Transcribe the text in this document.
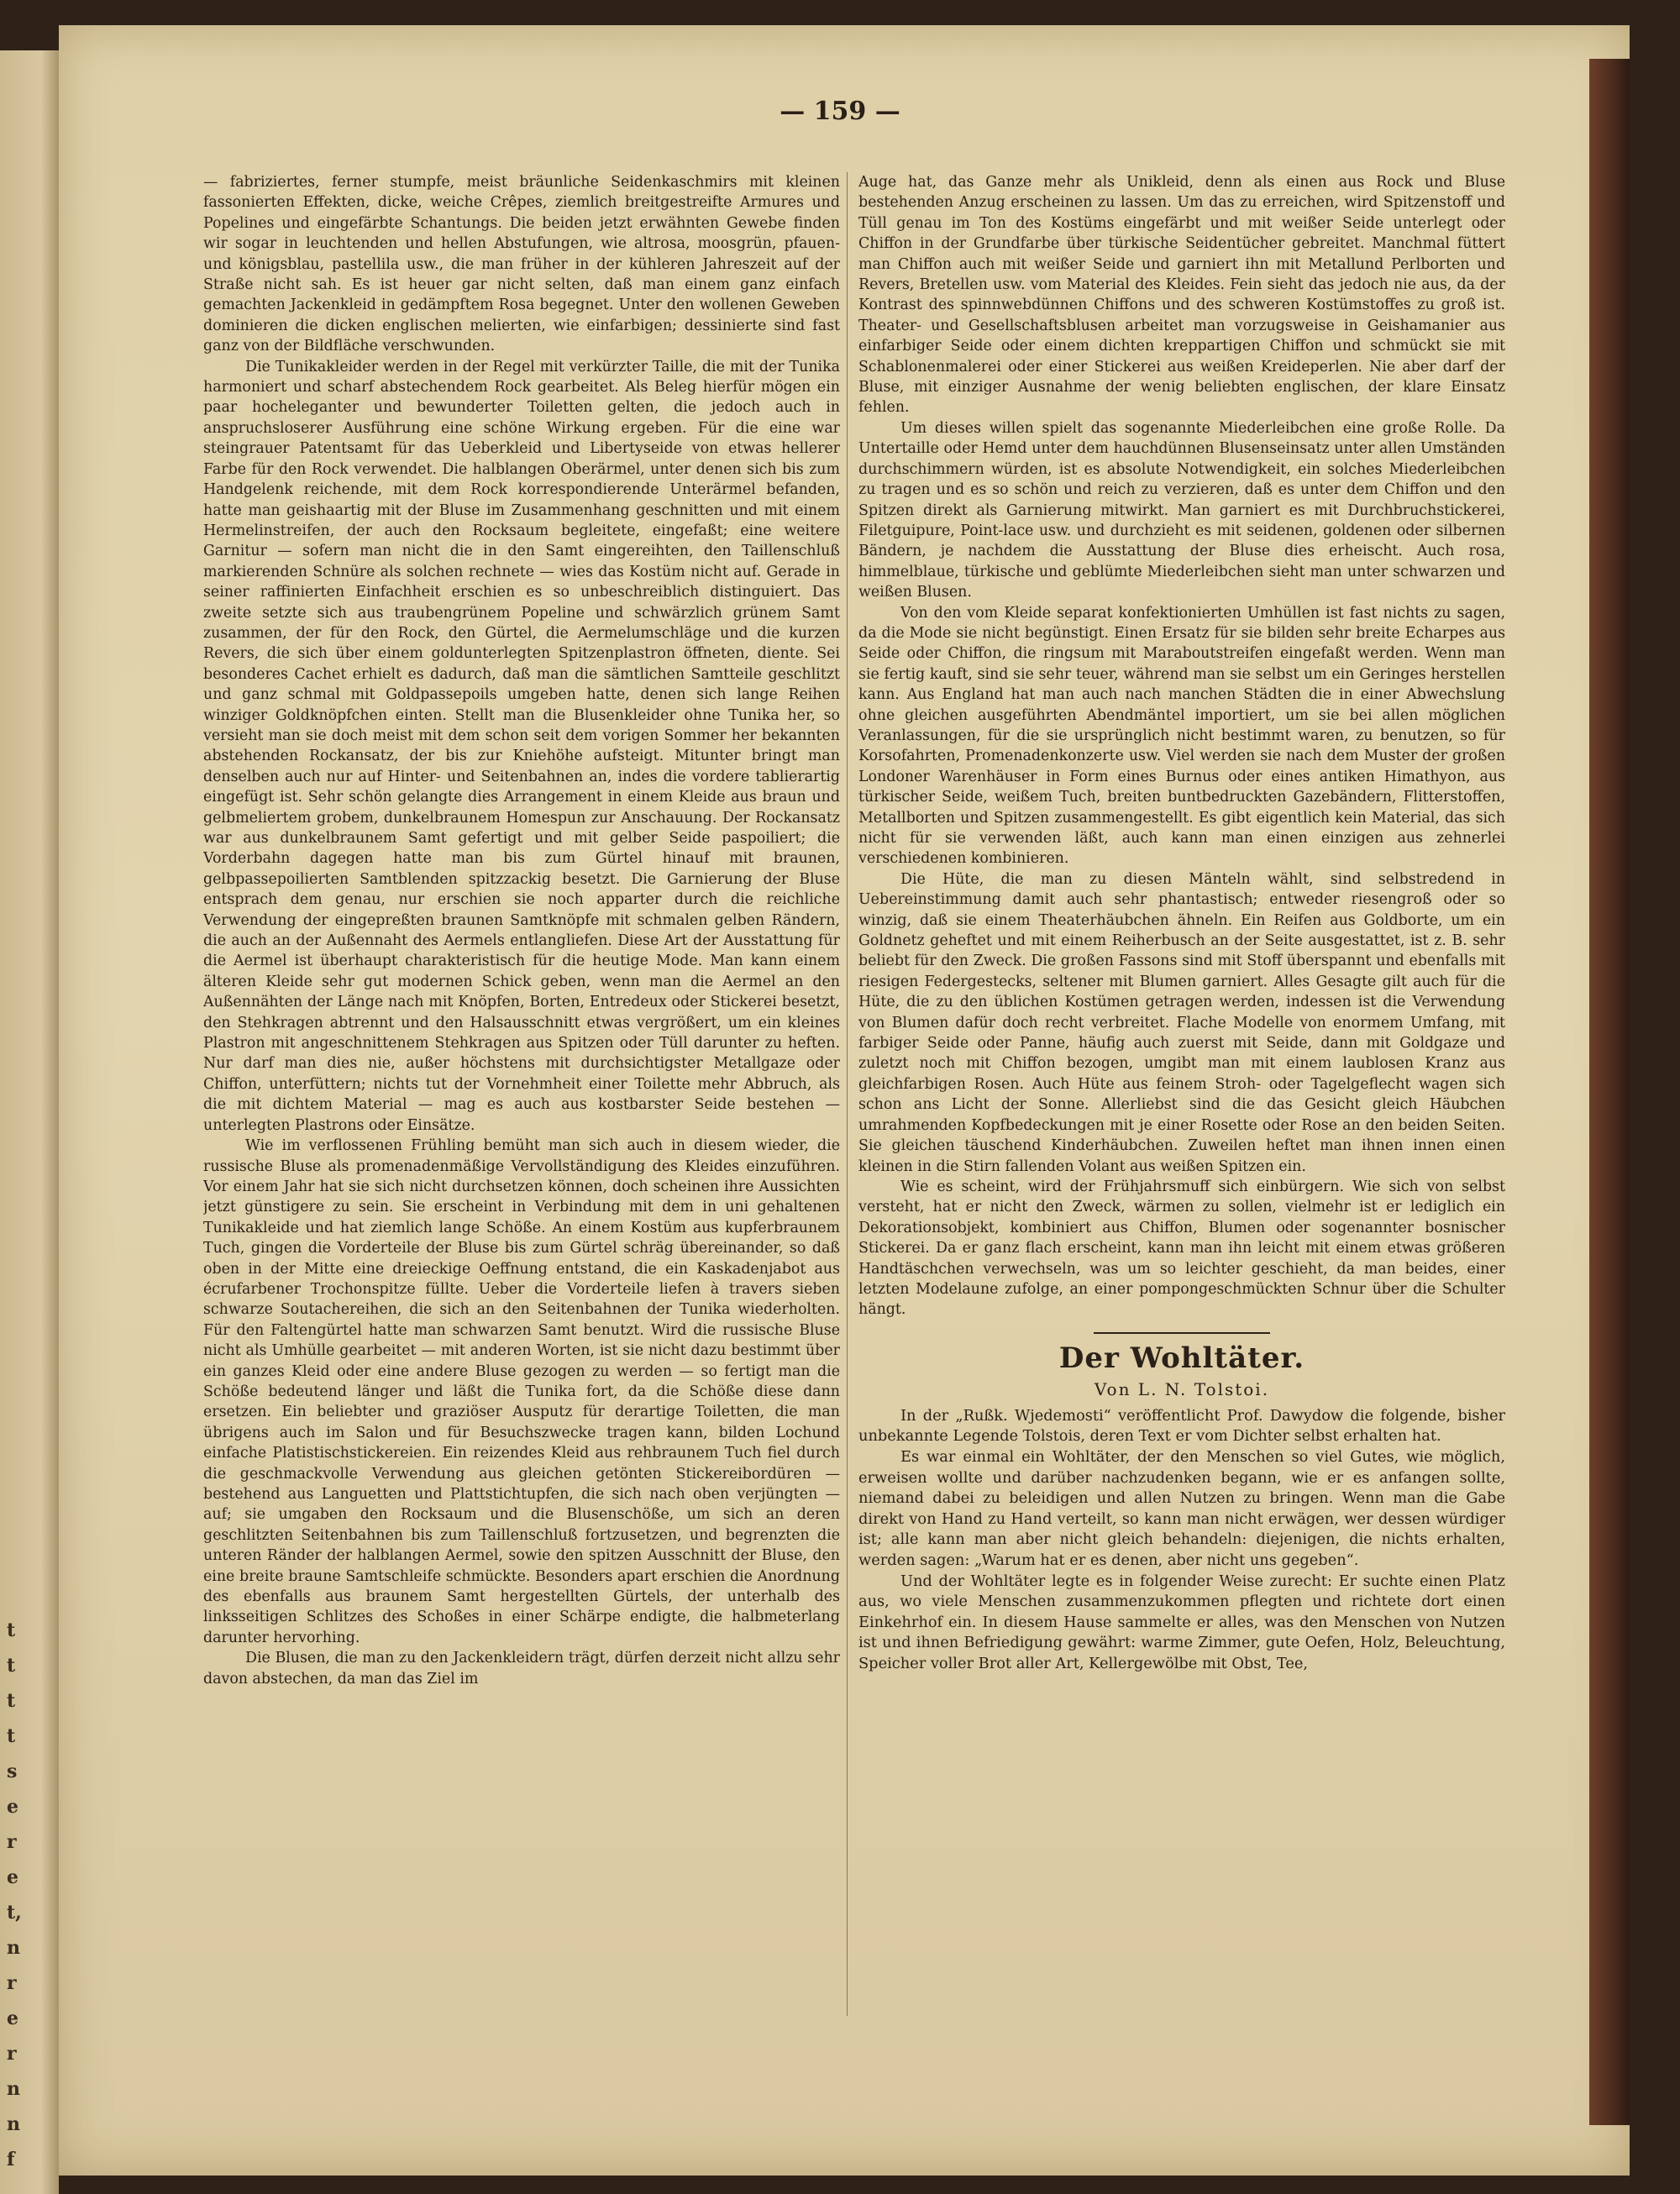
t
t
t
t
s
e
r
e
t,
n
r
e
r
n
n
f
— 159 —

— fabriziertes, ferner stumpfe, meist bräunliche Seidenkaschmirs mit kleinen fassonierten Effekten, dicke, weiche Crêpes, ziemlich breitgestreifte Armures und Popelines und eingefärbte Schantungs. Die beiden jetzt erwähnten Gewebe finden wir sogar in leuchtenden und hellen Abstufungen, wie altrosa, moosgrün, pfauen- und königsblau, pastellila usw., die man früher in der kühleren Jahreszeit auf der Straße nicht sah. Es ist heuer gar nicht selten, daß man einem ganz einfach gemachten Jackenkleid in gedämpftem Rosa begegnet. Unter den wollenen Geweben dominieren die dicken englischen melierten, wie einfarbigen; dessinierte sind fast ganz von der Bildfläche verschwunden.

Die Tunikakleider werden in der Regel mit verkürzter Taille, die mit der Tunika harmoniert und scharf abstechendem Rock gearbeitet. Als Beleg hierfür mögen ein paar hocheleganter und bewunderter Toiletten gelten, die jedoch auch in anspruchsloserer Ausführung eine schöne Wirkung ergeben. Für die eine war steingrauer Patentsamt für das Ueberkleid und Libertyseide von etwas hellerer Farbe für den Rock verwendet. Die halblangen Oberärmel, unter denen sich bis zum Handgelenk reichende, mit dem Rock korrespondierende Unterärmel befanden, hatte man geishaartig mit der Bluse im Zusammenhang geschnitten und mit einem Hermelinstreifen, der auch den Rocksaum begleitete, eingefaßt; eine weitere Garnitur — sofern man nicht die in den Samt eingereihten, den Taillenschluß markierenden Schnüre als solchen rechnete — wies das Kostüm nicht auf. Gerade in seiner raffinierten Einfachheit erschien es so unbeschreiblich distinguiert. Das zweite setzte sich aus traubengrünem Popeline und schwärzlich grünem Samt zusammen, der für den Rock, den Gürtel, die Aermelumschläge und die kurzen Revers, die sich über einem goldunterlegten Spitzenplastron öffneten, diente. Sei besonderes Cachet erhielt es dadurch, daß man die sämtlichen Samtteile geschlitzt und ganz schmal mit Goldpassepoils umgeben hatte, denen sich lange Reihen winziger Goldknöpfchen einten. Stellt man die Blusenkleider ohne Tunika her, so versieht man sie doch meist mit dem schon seit dem vorigen Sommer her bekannten abstehenden Rockansatz, der bis zur Kniehöhe aufsteigt. Mitunter bringt man denselben auch nur auf Hinter- und Seitenbahnen an, indes die vordere tablierartig eingefügt ist. Sehr schön gelangte dies Arrangement in einem Kleide aus braun und gelbmeliertem grobem, dunkelbraunem Homespun zur Anschauung. Der Rockansatz war aus dunkelbraunem Samt gefertigt und mit gelber Seide paspoiliert; die Vorderbahn dagegen hatte man bis zum Gürtel hinauf mit braunen, gelbpassepoilierten Samtblenden spitzzackig besetzt. Die Garnierung der Bluse entsprach dem genau, nur erschien sie noch apparter durch die reichliche Verwendung der eingepreßten braunen Samtknöpfe mit schmalen gelben Rändern, die auch an der Außennaht des Aermels entlangliefen. Diese Art der Ausstattung für die Aermel ist überhaupt charakteristisch für die heutige Mode. Man kann einem älteren Kleide sehr gut modernen Schick geben, wenn man die Aermel an den Außennähten der Länge nach mit Knöpfen, Borten, Entredeux oder Stickerei besetzt, den Stehkragen abtrennt und den Halsausschnitt etwas vergrößert, um ein kleines Plastron mit angeschnittenem Stehkragen aus Spitzen oder Tüll darunter zu heften. Nur darf man dies nie, außer höchstens mit durchsichtigster Metallgaze oder Chiffon, unterfüttern; nichts tut der Vornehmheit einer Toilette mehr Abbruch, als die mit dichtem Material — mag es auch aus kostbarster Seide bestehen — unterlegten Plastrons oder Einsätze.

Wie im verflossenen Frühling bemüht man sich auch in diesem wieder, die russische Bluse als promenadenmäßige Vervollständigung des Kleides einzuführen. Vor einem Jahr hat sie sich nicht durchsetzen können, doch scheinen ihre Aussichten jetzt günstigere zu sein. Sie erscheint in Verbindung mit dem in uni gehaltenen Tunikakleide und hat ziemlich lange Schöße. An einem Kostüm aus kupferbraunem Tuch, gingen die Vorderteile der Bluse bis zum Gürtel schräg übereinander, so daß oben in der Mitte eine dreieckige Oeffnung entstand, die ein Kaskadenjabot aus écrufarbener Trochonspitze füllte. Ueber die Vorderteile liefen à travers sieben schwarze Soutachereihen, die sich an den Seitenbahnen der Tunika wiederholten. Für den Faltengürtel hatte man schwarzen Samt benutzt. Wird die russische Bluse nicht als Umhülle gearbeitet — mit anderen Worten, ist sie nicht dazu bestimmt über ein ganzes Kleid oder eine andere Bluse gezogen zu werden — so fertigt man die Schöße bedeutend länger und läßt die Tunika fort, da die Schöße diese dann ersetzen. Ein beliebter und graziöser Ausputz für derartige Toiletten, die man übrigens auch im Salon und für Besuchszwecke tragen kann, bilden Lochund einfache Platistischstickereien. Ein reizendes Kleid aus rehbraunem Tuch fiel durch die geschmackvolle Verwendung aus gleichen getönten Stickereibordüren — bestehend aus Languetten und Plattstichtupfen, die sich nach oben verjüngten — auf; sie umgaben den Rocksaum und die Blusenschöße, um sich an deren geschlitzten Seitenbahnen bis zum Taillenschluß fortzusetzen, und begrenzten die unteren Ränder der halblangen Aermel, sowie den spitzen Ausschnitt der Bluse, den eine breite braune Samtschleife schmückte. Besonders apart erschien die Anordnung des ebenfalls aus braunem Samt hergestellten Gürtels, der unterhalb des linksseitigen Schlitzes des Schoßes in einer Schärpe endigte, die halbmeterlang darunter hervorhing.

Die Blusen, die man zu den Jackenkleidern trägt, dürfen derzeit nicht allzu sehr davon abstechen, da man das Ziel im

Auge hat, das Ganze mehr als Unikleid, denn als einen aus Rock und Bluse bestehenden Anzug erscheinen zu lassen. Um das zu erreichen, wird Spitzenstoff und Tüll genau im Ton des Kostüms eingefärbt und mit weißer Seide unterlegt oder Chiffon in der Grundfarbe über türkische Seidentücher gebreitet. Manchmal füttert man Chiffon auch mit weißer Seide und garniert ihn mit Metallund Perlborten und Revers, Bretellen usw. vom Material des Kleides. Fein sieht das jedoch nie aus, da der Kontrast des spinnwebdünnen Chiffons und des schweren Kostümstoffes zu groß ist. Theater- und Gesellschaftsblusen arbeitet man vorzugsweise in Geishamanier aus einfarbiger Seide oder einem dichten kreppartigen Chiffon und schmückt sie mit Schablonenmalerei oder einer Stickerei aus weißen Kreideperlen. Nie aber darf der Bluse, mit einziger Ausnahme der wenig beliebten englischen, der klare Einsatz fehlen.

Um dieses willen spielt das sogenannte Miederleibchen eine große Rolle. Da Untertaille oder Hemd unter dem hauchdünnen Blusenseinsatz unter allen Umständen durchschimmern würden, ist es absolute Notwendigkeit, ein solches Miederleibchen zu tragen und es so schön und reich zu verzieren, daß es unter dem Chiffon und den Spitzen direkt als Garnierung mitwirkt. Man garniert es mit Durchbruchstickerei, Filetguipure, Point-lace usw. und durchzieht es mit seidenen, goldenen oder silbernen Bändern, je nachdem die Ausstattung der Bluse dies erheischt. Auch rosa, himmelblaue, türkische und geblümte Miederleibchen sieht man unter schwarzen und weißen Blusen.

Von den vom Kleide separat konfektionierten Umhüllen ist fast nichts zu sagen, da die Mode sie nicht begünstigt. Einen Ersatz für sie bilden sehr breite Echarpes aus Seide oder Chiffon, die ringsum mit Maraboutstreifen eingefaßt werden. Wenn man sie fertig kauft, sind sie sehr teuer, während man sie selbst um ein Geringes herstellen kann. Aus England hat man auch nach manchen Städten die in einer Abwechslung ohne gleichen ausgeführten Abendmäntel importiert, um sie bei allen möglichen Veranlassungen, für die sie ursprünglich nicht bestimmt waren, zu benutzen, so für Korsofahrten, Promenadenkonzerte usw. Viel werden sie nach dem Muster der großen Londoner Warenhäuser in Form eines Burnus oder eines antiken Himathyon, aus türkischer Seide, weißem Tuch, breiten buntbedruckten Gazebändern, Flitterstoffen, Metallborten und Spitzen zusammengestellt. Es gibt eigentlich kein Material, das sich nicht für sie verwenden läßt, auch kann man einen einzigen aus zehnerlei verschiedenen kombinieren.

Die Hüte, die man zu diesen Mänteln wählt, sind selbstredend in Uebereinstimmung damit auch sehr phantastisch; entweder riesengroß oder so winzig, daß sie einem Theaterhäubchen ähneln. Ein Reifen aus Goldborte, um ein Goldnetz geheftet und mit einem Reiherbusch an der Seite ausgestattet, ist z. B. sehr beliebt für den Zweck. Die großen Fassons sind mit Stoff überspannt und ebenfalls mit riesigen Federgestecks, seltener mit Blumen garniert. Alles Gesagte gilt auch für die Hüte, die zu den üblichen Kostümen getragen werden, indessen ist die Verwendung von Blumen dafür doch recht verbreitet. Flache Modelle von enormem Umfang, mit farbiger Seide oder Panne, häufig auch zuerst mit Seide, dann mit Goldgaze und zuletzt noch mit Chiffon bezogen, umgibt man mit einem laublosen Kranz aus gleichfarbigen Rosen. Auch Hüte aus feinem Stroh- oder Tagelgeflecht wagen sich schon ans Licht der Sonne. Allerliebst sind die das Gesicht gleich Häubchen umrahmenden Kopfbedeckungen mit je einer Rosette oder Rose an den beiden Seiten. Sie gleichen täuschend Kinderhäubchen. Zuweilen heftet man ihnen innen einen kleinen in die Stirn fallenden Volant aus weißen Spitzen ein.

Wie es scheint, wird der Frühjahrsmuff sich einbürgern. Wie sich von selbst versteht, hat er nicht den Zweck, wärmen zu sollen, vielmehr ist er lediglich ein Dekorationsobjekt, kombiniert aus Chiffon, Blumen oder sogenannter bosnischer Stickerei. Da er ganz flach erscheint, kann man ihn leicht mit einem etwas größeren Handtäschchen verwechseln, was um so leichter geschieht, da man beides, einer letzten Modelaune zufolge, an einer pompongeschmückten Schnur über die Schulter hängt.

Der Wohltäter.
Von L. N. Tolstoi.

In der „Rußk. Wjedemosti“ veröffentlicht Prof. Dawydow die folgende, bisher unbekannte Legende Tolstois, deren Text er vom Dichter selbst erhalten hat.

Es war einmal ein Wohltäter, der den Menschen so viel Gutes, wie möglich, erweisen wollte und darüber nachzudenken begann, wie er es anfangen sollte, niemand dabei zu beleidigen und allen Nutzen zu bringen. Wenn man die Gabe direkt von Hand zu Hand verteilt, so kann man nicht erwägen, wer dessen würdiger ist; alle kann man aber nicht gleich behandeln: diejenigen, die nichts erhalten, werden sagen: „Warum hat er es denen, aber nicht uns gegeben“.

Und der Wohltäter legte es in folgender Weise zurecht: Er suchte einen Platz aus, wo viele Menschen zusammenzukommen pflegten und richtete dort einen Einkehrhof ein. In diesem Hause sammelte er alles, was den Menschen von Nutzen ist und ihnen Befriedigung gewährt: warme Zimmer, gute Oefen, Holz, Beleuchtung, Speicher voller Brot aller Art, Kellergewölbe mit Obst, Tee,
